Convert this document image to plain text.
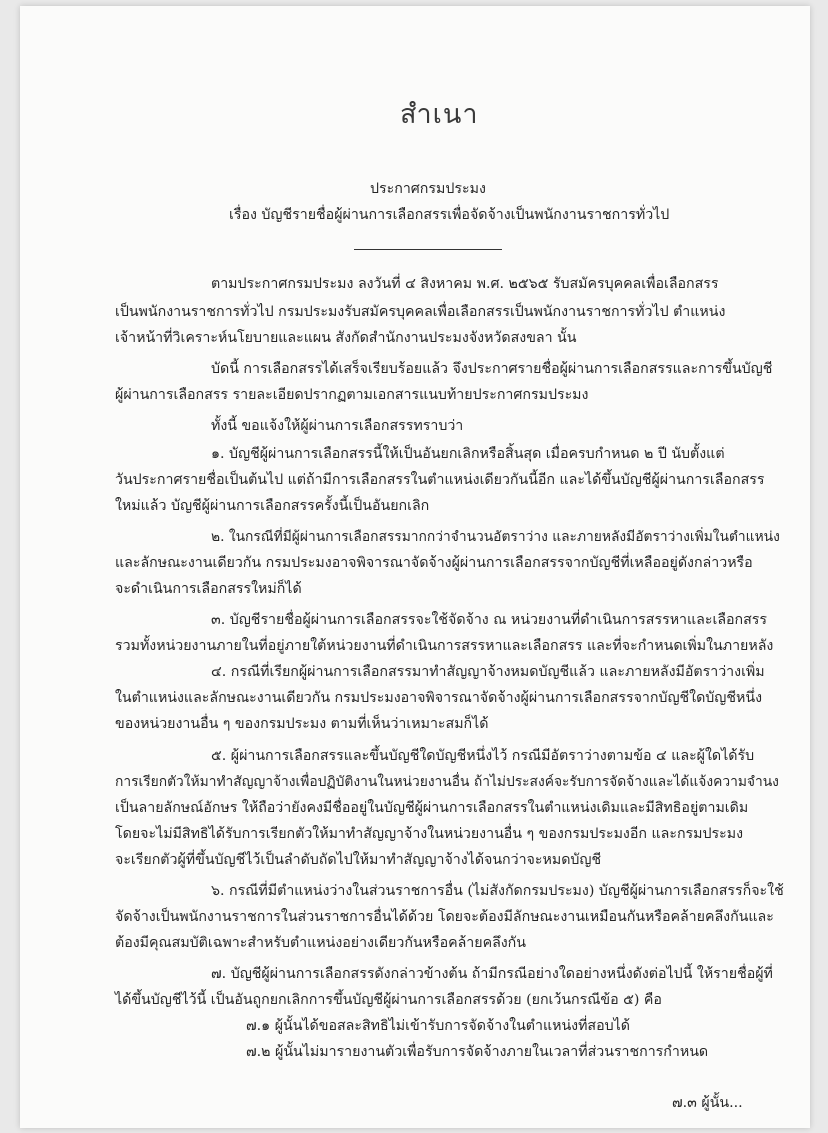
สำเนา
ประกาศกรมประมง
เรื่อง บัญชีรายชื่อผู้ผ่านการเลือกสรรเพื่อจัดจ้างเป็นพนักงานราชการทั่วไป
ตามประกาศกรมประมง ลงวันที่ ๔ สิงหาคม พ.ศ. ๒๕๖๕ รับสมัครบุคคลเพื่อเลือกสรร
เป็นพนักงานราชการทั่วไป กรมประมงรับสมัครบุคคลเพื่อเลือกสรรเป็นพนักงานราชการทั่วไป ตำแหน่ง
เจ้าหน้าที่วิเคราะห์นโยบายและแผน สังกัดสำนักงานประมงจังหวัดสงขลา นั้น
บัดนี้ การเลือกสรรได้เสร็จเรียบร้อยแล้ว จึงประกาศรายชื่อผู้ผ่านการเลือกสรรและการขึ้นบัญชี
ผู้ผ่านการเลือกสรร รายละเอียดปรากฏตามเอกสารแนบท้ายประกาศกรมประมง
ทั้งนี้ ขอแจ้งให้ผู้ผ่านการเลือกสรรทราบว่า
๑. บัญชีผู้ผ่านการเลือกสรรนี้ให้เป็นอันยกเลิกหรือสิ้นสุด เมื่อครบกำหนด ๒ ปี นับตั้งแต่
วันประกาศรายชื่อเป็นต้นไป แต่ถ้ามีการเลือกสรรในตำแหน่งเดียวกันนี้อีก และได้ขึ้นบัญชีผู้ผ่านการเลือกสรร
ใหม่แล้ว บัญชีผู้ผ่านการเลือกสรรครั้งนี้เป็นอันยกเลิก
๒. ในกรณีที่มีผู้ผ่านการเลือกสรรมากกว่าจำนวนอัตราว่าง และภายหลังมีอัตราว่างเพิ่มในตำแหน่ง
และลักษณะงานเดียวกัน กรมประมงอาจพิจารณาจัดจ้างผู้ผ่านการเลือกสรรจากบัญชีที่เหลืออยู่ดังกล่าวหรือ
จะดำเนินการเลือกสรรใหม่ก็ได้
๓. บัญชีรายชื่อผู้ผ่านการเลือกสรรจะใช้จัดจ้าง ณ หน่วยงานที่ดำเนินการสรรหาและเลือกสรร
รวมทั้งหน่วยงานภายในที่อยู่ภายใต้หน่วยงานที่ดำเนินการสรรหาและเลือกสรร และที่จะกำหนดเพิ่มในภายหลัง
๔. กรณีที่เรียกผู้ผ่านการเลือกสรรมาทำสัญญาจ้างหมดบัญชีแล้ว และภายหลังมีอัตราว่างเพิ่ม
ในตำแหน่งและลักษณะงานเดียวกัน กรมประมงอาจพิจารณาจัดจ้างผู้ผ่านการเลือกสรรจากบัญชีใดบัญชีหนึ่ง
ของหน่วยงานอื่น ๆ ของกรมประมง ตามที่เห็นว่าเหมาะสมก็ได้
๕. ผู้ผ่านการเลือกสรรและขึ้นบัญชีใดบัญชีหนึ่งไว้ กรณีมีอัตราว่างตามข้อ ๔ และผู้ใดได้รับ
การเรียกตัวให้มาทำสัญญาจ้างเพื่อปฏิบัติงานในหน่วยงานอื่น ถ้าไม่ประสงค์จะรับการจัดจ้างและได้แจ้งความจำนง
เป็นลายลักษณ์อักษร ให้ถือว่ายังคงมีชื่ออยู่ในบัญชีผู้ผ่านการเลือกสรรในตำแหน่งเดิมและมีสิทธิอยู่ตามเดิม
โดยจะไม่มีสิทธิได้รับการเรียกตัวให้มาทำสัญญาจ้างในหน่วยงานอื่น ๆ ของกรมประมงอีก และกรมประมง
จะเรียกตัวผู้ที่ขึ้นบัญชีไว้เป็นลำดับถัดไปให้มาทำสัญญาจ้างได้จนกว่าจะหมดบัญชี
๖. กรณีที่มีตำแหน่งว่างในส่วนราชการอื่น (ไม่สังกัดกรมประมง) บัญชีผู้ผ่านการเลือกสรรก็จะใช้
จัดจ้างเป็นพนักงานราชการในส่วนราชการอื่นได้ด้วย โดยจะต้องมีลักษณะงานเหมือนกันหรือคล้ายคลึงกันและ
ต้องมีคุณสมบัติเฉพาะสำหรับตำแหน่งอย่างเดียวกันหรือคล้ายคลึงกัน
๗. บัญชีผู้ผ่านการเลือกสรรดังกล่าวข้างต้น ถ้ามีกรณีอย่างใดอย่างหนึ่งดังต่อไปนี้ ให้รายชื่อผู้ที่
ได้ขึ้นบัญชีไว้นี้ เป็นอันถูกยกเลิกการขึ้นบัญชีผู้ผ่านการเลือกสรรด้วย (ยกเว้นกรณีข้อ ๕) คือ
๗.๑ ผู้นั้นได้ขอสละสิทธิไม่เข้ารับการจัดจ้างในตำแหน่งที่สอบได้
๗.๒ ผู้นั้นไม่มารายงานตัวเพื่อรับการจัดจ้างภายในเวลาที่ส่วนราชการกำหนด
๗.๓ ผู้นั้น...
